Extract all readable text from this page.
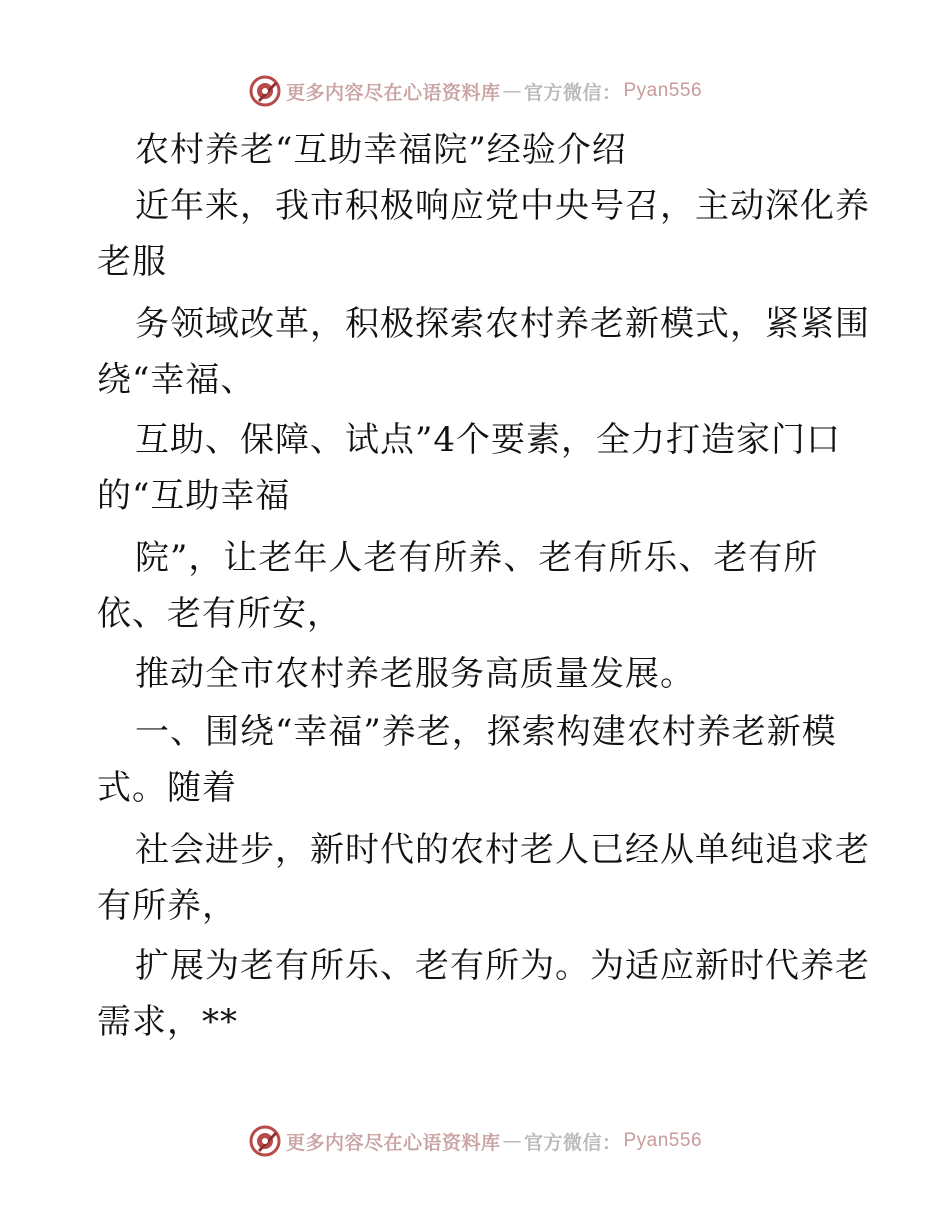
更多内容尽在心语资料库 — 官方微信： Pyan556
农村养老“互助幸福院”经验介绍
近年来，我市积极响应党中央号召，主动深化养
老服
务领域改革，积极探索农村养老新模式，紧紧围
绕“幸福、
互助、保障、试点”4个要素，全力打造家门口
的“互助幸福
院”，让老年人老有所养、老有所乐、老有所
依、老有所安，
推动全市农村养老服务高质量发展。
一、围绕“幸福”养老，探索构建农村养老新模
式。随着
社会进步，新时代的农村老人已经从单纯追求老
有所养，
扩展为老有所乐、老有所为。为适应新时代养老
需求，**
更多内容尽在心语资料库 — 官方微信： Pyan556
